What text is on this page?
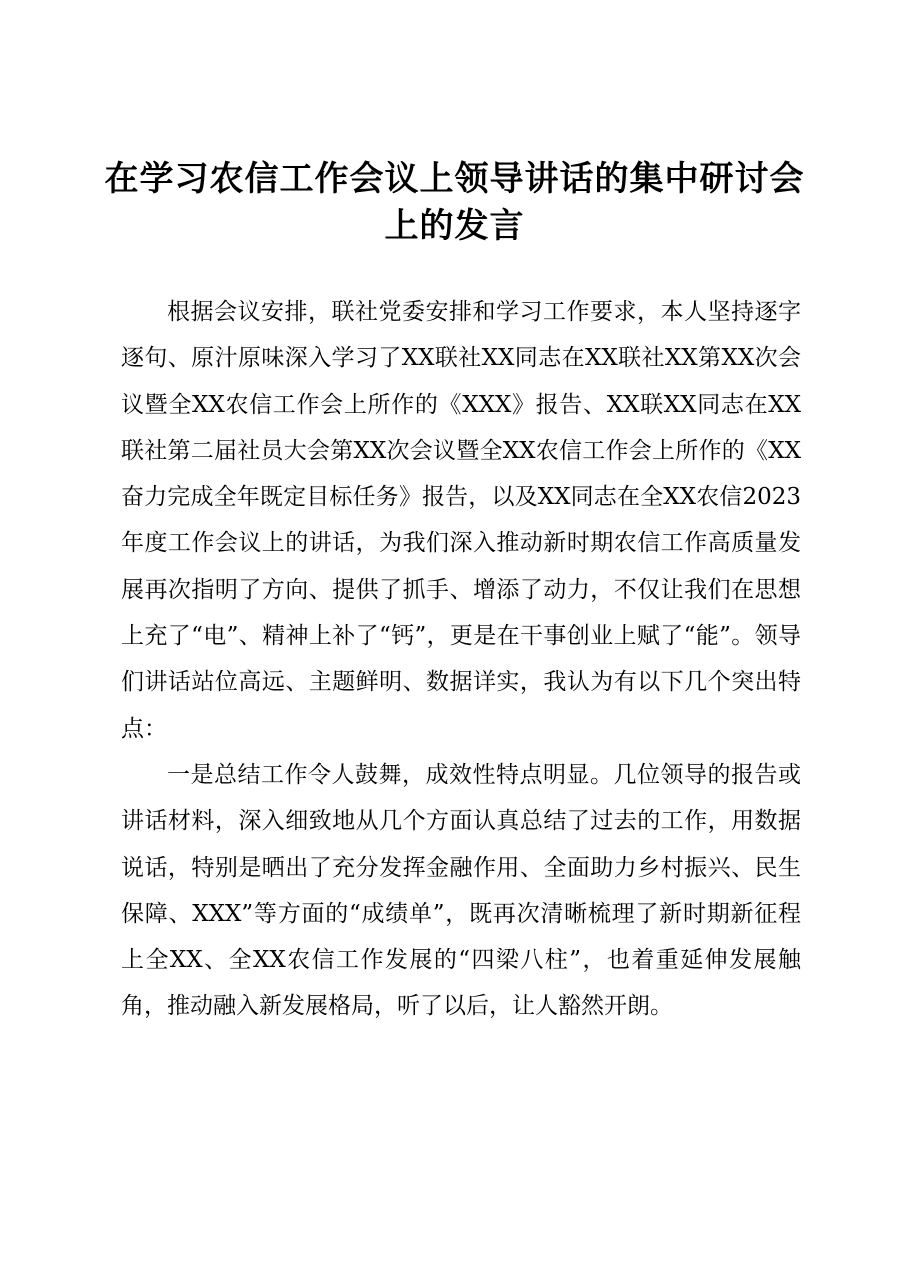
在学习农信工作会议上领导讲话的集中研讨会上的发言

根据会议安排，联社党委安排和学习工作要求，本人坚持逐字逐句、原汁原味深入学习了XX联社XX同志在XX联社XX第XX次会议暨全XX农信工作会上所作的《XXX》报告、XX联XX同志在XX联社第二届社员大会第XX次会议暨全XX农信工作会上所作的《XX奋力完成全年既定目标任务》报告，以及XX同志在全XX农信2023年度工作会议上的讲话，为我们深入推动新时期农信工作高质量发展再次指明了方向、提供了抓手、增添了动力，不仅让我们在思想上充了“电”、精神上补了“钙”，更是在干事创业上赋了“能”。领导们讲话站位高远、主题鲜明、数据详实，我认为有以下几个突出特点：

一是总结工作令人鼓舞，成效性特点明显。几位领导的报告或讲话材料，深入细致地从几个方面认真总结了过去的工作，用数据说话，特别是晒出了充分发挥金融作用、全面助力乡村振兴、民生保障、XXX”等方面的“成绩单”，既再次清晰梳理了新时期新征程上全XX、全XX农信工作发展的“四梁八柱”，也着重延伸发展触角，推动融入新发展格局，听了以后，让人豁然开朗。
